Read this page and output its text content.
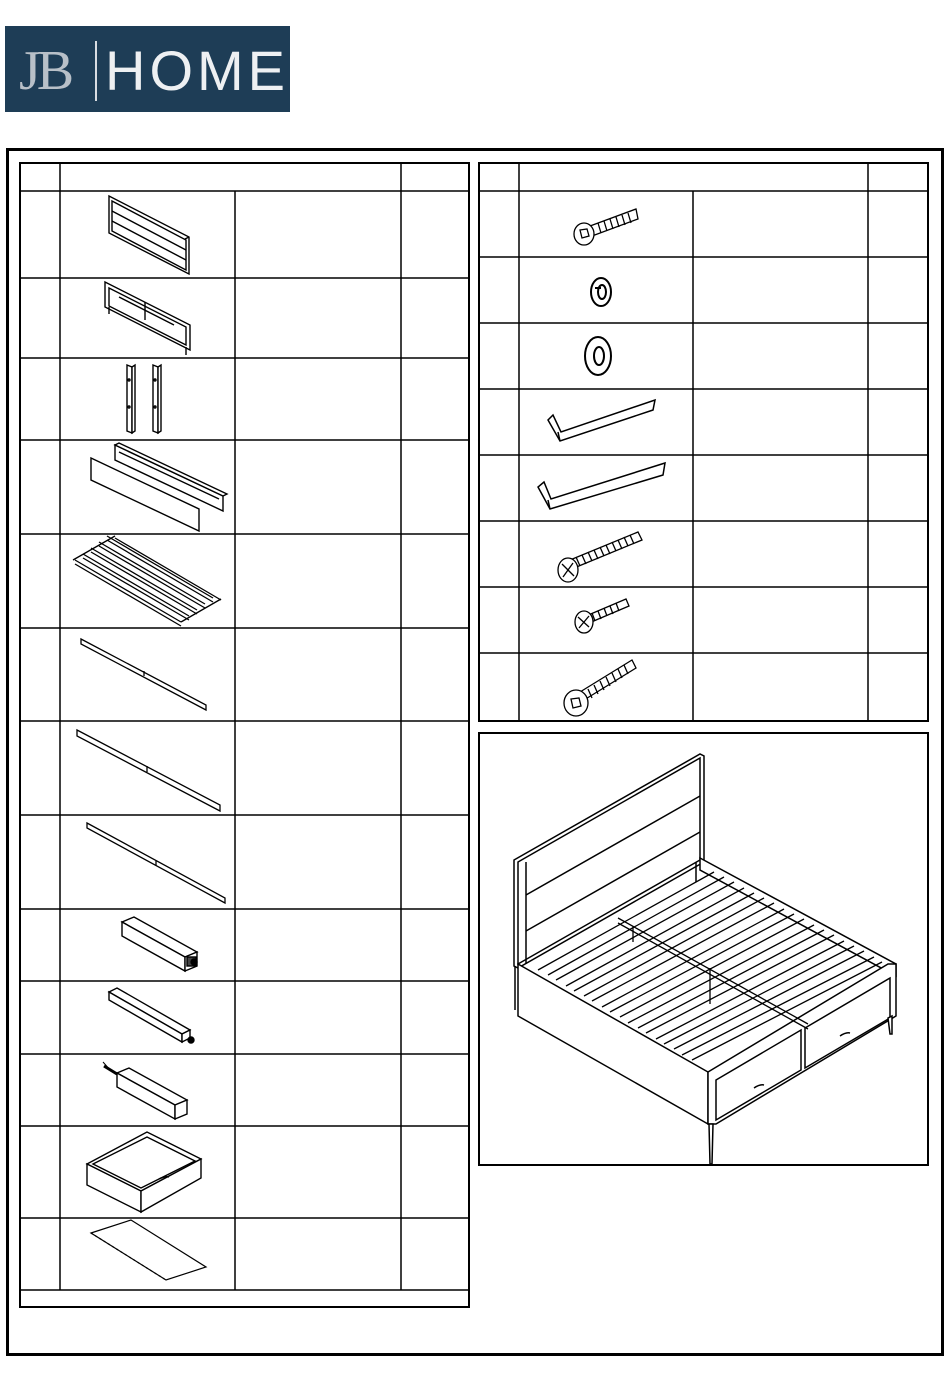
JB HOME
